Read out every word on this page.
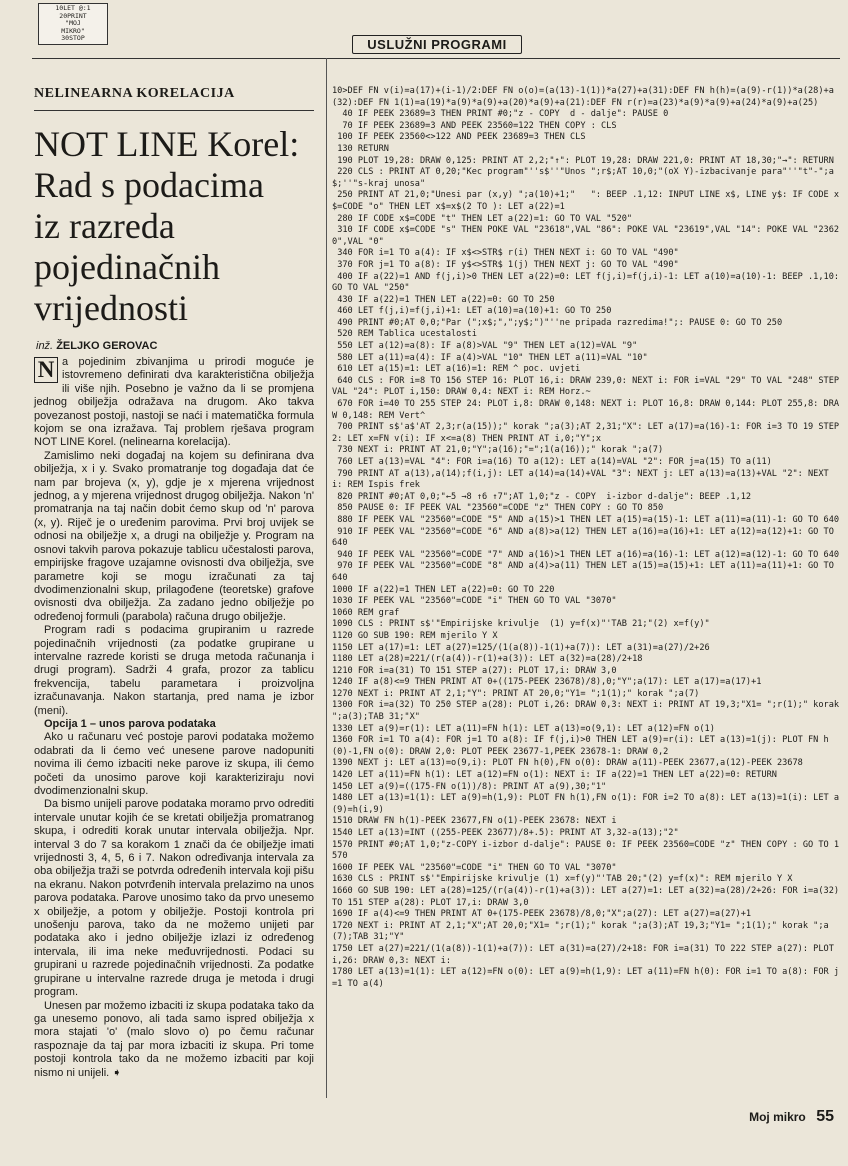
10LET @:1
20PRINT
"MOJ
MIKRO"
30STOP	USLUŽNI PROGRAMI
NELINEARNA KORELACIJA
NOT LINE Korel:
Rad s podacima
iz razreda
pojedinačnih
vrijednosti
inž. ŽELJKO GEROVAC

N a pojedinim zbivanjima u prirodi moguće je istovremeno definirati dva karakteristična obilježja ili više njih. Posebno je važno da li se promjena jednog obilježja odražava na drugom. Ako takva povezanost postoji, nastoji se naći i matematička formula kojom se ona izražava. Taj problem rješava program NOT LINE Korel. (nelinearna korelacija).

Zamislimo neki događaj na kojem su definirana dva obilježja, x i y. Svako promatranje tog događaja dat će nam par brojeva (x, y), gdje je x mjerena vrijednost jednog, a y mjerena vrijednost drugog obilježja. Nakon 'n' promatranja na taj način dobit ćemo skup od 'n' parova (x, y). Riječ je o uređenim parovima. Prvi broj uvijek se odnosi na obilježje x, a drugi na obilježje y. Program na osnovi takvih parova pokazuje tablicu učestalosti parova, empirijske fragove uzajamne ovisnosti dva obilježja, sve parametre koji se mogu izračunati za taj dvodimenzionalni skup, prilagođene (teoretske) grafove ovisnosti dva obilježja. Za zadano jedno obilježje po određenoj formuli (parabola) računa drugo obilježje.

Program radi s podacima grupiranim u razrede pojedinačnih vrijednosti (za podatke grupirane u intervalne razrede koristi se druga metoda računanja i drugi program). Sadrži 4 grafa, prozor za tablicu frekvencija, tabelu parametara i proizvoljna izračunavanja. Nakon startanja, pred nama je izbor (meni).

Opcija 1 – unos parova podataka

Ako u računaru već postoje parovi podataka možemo odabrati da li ćemo već unesene parove nadopuniti novima ili ćemo izbaciti neke parove iz skupa, ili ćemo početi da unosimo parove koji karakteriziraju novi dvodimenzionalni skup.

Da bismo unijeli parove podataka moramo prvo odrediti intervale unutar kojih će se kretati obilježja promatranog skupa, i odrediti korak unutar intervala obilježja. Npr. interval 3 do 7 sa korakom 1 znači da će obilježje imati vrijednosti 3, 4, 5, 6 i 7. Nakon određivanja intervala za oba obilježja traži se potvrda određenih intervala koji pišu na ekranu. Nakon potvrđenih intervala prelazimo na unos parova podataka. Parove unosimo tako da prvo unesemo x obilježje, a potom y obilježje. Postoji kontrola pri unošenju parova, tako da ne možemo unijeti par podataka ako i jedno obilježje izlazi iz određenog intervala, ili ima neke međuvrijednosti. Podaci su grupirani u razrede pojedinačnih vrijednosti. Za podatke grupirane u intervalne razrede druga je metoda i drugi program.

Unesen par možemo izbaciti iz skupa podataka tako da ga unesemo ponovo, ali tada samo ispred obilježja x mora stajati 'o' (malo slovo o) po čemu računar raspoznaje da taj par mora izbaciti iz skupa. Pri tome postoji kontrola tako da ne možemo izbaciti par koji nismo ni unijeli. ➧

10>DEF FN v(i)=a(17)+(i-1)/2:DEF FN o(o)=(a(13)-1(1))*a(27)+a(31):DEF FN h(h)=(a(9)-r(1))*a(28)+a(32):DEF FN 1(1)=a(19)*a(9)*a(9)+a(20)*a(9)+a(21):DEF FN r(r)=a(23)*a(9)*a(9)+a(24)*a(9)+a(25)
40 IF PEEK 23689=3 THEN PRINT #0;"z - COPY  d - dalje": PAUSE 0
70 IF PEEK 23689=3 AND PEEK 23560=122 THEN COPY : CLS
100 IF PEEK 23560<>122 AND PEEK 23689=3 THEN CLS
130 RETURN
190 PLOT 19,28: DRAW 0,125: PRINT AT 2,2;"↑": PLOT 19,28: DRAW 221,0: PRINT AT 18,30;"→": RETURN
220 CLS : PRINT AT 0,20;"Kec program"''s$''"Unos ";r$;AT 10,0;"(oX Y)-izbacivanje para"''"t"-";a$;''"s-kraj unosa"
250 PRINT AT 21,0;"Unesi par (x,y) ";a(10)+1;"   ": BEEP .1,12: INPUT LINE x$, LINE y$: IF CODE x$=CODE "o" THEN LET x$=x$(2 TO ): LET a(22)=1
280 IF CODE x$=CODE "t" THEN LET a(22)=1: GO TO VAL "520"
310 IF CODE x$=CODE "s" THEN POKE VAL "23618",VAL "86": POKE VAL "23619",VAL "14": POKE VAL "23620",VAL "0"
340 FOR i=1 TO a(4): IF x$<>STR$ r(i) THEN NEXT i: GO TO VAL "490"
370 FOR j=1 TO a(8): IF y$<>STR$ 1(j) THEN NEXT j: GO TO VAL "490"
400 IF a(22)=1 AND f(j,i)>0 THEN LET a(22)=0: LET f(j,i)=f(j,i)-1: LET a(10)=a(10)-1: BEEP .1,10: GO TO VAL "250"
430 IF a(22)=1 THEN LET a(22)=0: GO TO 250
460 LET f(j,i)=f(j,i)+1: LET a(10)=a(10)+1: GO TO 250
490 PRINT #0;AT 0,0;"Par (";x$;",";y$;")"''ne pripada razredima!";: PAUSE 0: GO TO 250
520 REM Tablica ucestalosti
550 LET a(12)=a(8): IF a(8)>VAL "9" THEN LET a(12)=VAL "9"
580 LET a(11)=a(4): IF a(4)>VAL "10" THEN LET a(11)=VAL "10"
610 LET a(15)=1: LET a(16)=1: REM ^ poc. uvjeti
640 CLS : FOR i=8 TO 156 STEP 16: PLOT 16,i: DRAW 239,0: NEXT i: FOR i=VAL "29" TO VAL "248" STEP VAL "24": PLOT i,150: DRAW 0,4: NEXT i: REM Horz.~
670 FOR i=40 TO 255 STEP 24: PLOT i,8: DRAW 0,148: NEXT i: PLOT 16,8: DRAW 0,144: PLOT 255,8: DRAW 0,148: REM Vert^
700 PRINT s$'a$'AT 2,3;r(a(15));" korak ";a(3);AT 2,31;"X": LET a(17)=a(16)-1: FOR i=3 TO 19 STEP 2: LET x=FN v(i): IF x<=a(8) THEN PRINT AT i,0;"Y";x
730 NEXT i: PRINT AT 21,0;"Y";a(16);"=";1(a(16));" korak ";a(7)
760 LET a(13)=VAL "4": FOR i=a(16) TO a(12): LET a(14)=VAL "2": FOR j=a(15) TO a(11)
790 PRINT AT a(13),a(14);f(i,j): LET a(14)=a(14)+VAL "3": NEXT j: LET a(13)=a(13)+VAL "2": NEXT i: REM Ispis frek
820 PRINT #0;AT 0,0;"←5 →8 ↑6 ↑7";AT 1,0;"z - COPY  i-izbor d-dalje": BEEP .1,12
850 PAUSE 0: IF PEEK VAL "23560"=CODE "z" THEN COPY : GO TO 850
880 IF PEEK VAL "23560"=CODE "5" AND a(15)>1 THEN LET a(15)=a(15)-1: LET a(11)=a(11)-1: GO TO 640
910 IF PEEK VAL "23560"=CODE "6" AND a(8)>a(12) THEN LET a(16)=a(16)+1: LET a(12)=a(12)+1: GO TO 640
940 IF PEEK VAL "23560"=CODE "7" AND a(16)>1 THEN LET a(16)=a(16)-1: LET a(12)=a(12)-1: GO TO 640
970 IF PEEK VAL "23560"=CODE "8" AND a(4)>a(11) THEN LET a(15)=a(15)+1: LET a(11)=a(11)+1: GO TO 640
1000 IF a(22)=1 THEN LET a(22)=0: GO TO 220
1030 IF PEEK VAL "23560"=CODE "i" THEN GO TO VAL "3070"
1060 REM graf
1090 CLS : PRINT s$'"Empirijske krivulje  (1) y=f(x)"'TAB 21;"(2) x=f(y)"
1120 GO SUB 190: REM mjerilo Y X
1150 LET a(17)=1: LET a(27)=125/(1(a(8))-1(1)+a(7)): LET a(31)=a(27)/2+26
1180 LET a(28)=221/(r(a(4))-r(1)+a(3)): LET a(32)=a(28)/2+18
1210 FOR i=a(31) TO 151 STEP a(27): PLOT 17,i: DRAW 3,0
1240 IF a(8)<=9 THEN PRINT AT 0+((175-PEEK 23678)/8),0;"Y";a(17): LET a(17)=a(17)+1
1270 NEXT i: PRINT AT 2,1;"Y": PRINT AT 20,0;"Y1= ";1(1);" korak ";a(7)
1300 FOR i=a(32) TO 250 STEP a(28): PLOT i,26: DRAW 0,3: NEXT i: PRINT AT 19,3;"X1= ";r(1);" korak ";a(3);TAB 31;"X"
1330 LET a(9)=r(1): LET a(11)=FN h(1): LET a(13)=o(9,1): LET a(12)=FN o(1)
1360 FOR i=1 TO a(4): FOR j=1 TO a(8): IF f(j,i)>0 THEN LET a(9)=r(i): LET a(13)=1(j): PLOT FN h(0)-1,FN o(0): DRAW 2,0: PLOT PEEK 23677-1,PEEK 23678-1: DRAW 0,2
1390 NEXT j: LET a(13)=o(9,i): PLOT FN h(0),FN o(0): DRAW a(11)-PEEK 23677,a(12)-PEEK 23678
1420 LET a(11)=FN h(1): LET a(12)=FN o(1): NEXT i: IF a(22)=1 THEN LET a(22)=0: RETURN
1450 LET a(9)=((175-FN o(1))/8): PRINT AT a(9),30;"1"
1480 LET a(13)=1(1): LET a(9)=h(1,9): PLOT FN h(1),FN o(1): FOR i=2 TO a(8): LET a(13)=1(i): LET a(9)=h(i,9)
1510 DRAW FN h(1)-PEEK 23677,FN o(1)-PEEK 23678: NEXT i
1540 LET a(13)=INT ((255-PEEK 23677)/8+.5): PRINT AT 3,32-a(13);"2"
1570 PRINT #0;AT 1,0;"z-COPY i-izbor d-dalje": PAUSE 0: IF PEEK 23560=CODE "z" THEN COPY : GO TO 1570
1600 IF PEEK VAL "23560"=CODE "i" THEN GO TO VAL "3070"
1630 CLS : PRINT s$'"Empirijske krivulje (1) x=f(y)"'TAB 20;"(2) y=f(x)": REM mjerilo Y X
1660 GO SUB 190: LET a(28)=125/(r(a(4))-r(1)+a(3)): LET a(27)=1: LET a(32)=a(28)/2+26: FOR i=a(32) TO 151 STEP a(28): PLOT 17,i: DRAW 3,0
1690 IF a(4)<=9 THEN PRINT AT 0+(175-PEEK 23678)/8,0;"X";a(27): LET a(27)=a(27)+1
1720 NEXT i: PRINT AT 2,1;"X";AT 20,0;"X1= ";r(1);" korak ";a(3);AT 19,3;"Y1= ";1(1);" korak ";a(7);TAB 31;"Y"
1750 LET a(27)=221/(1(a(8))-1(1)+a(7)): LET a(31)=a(27)/2+18: FOR i=a(31) TO 222 STEP a(27): PLOT i,26: DRAW 0,3: NEXT i:
1780 LET a(13)=1(1): LET a(12)=FN o(0): LET a(9)=h(1,9): LET a(11)=FN h(0): FOR i=1 TO a(8): FOR j=1 TO a(4)
Moj mikro 55
